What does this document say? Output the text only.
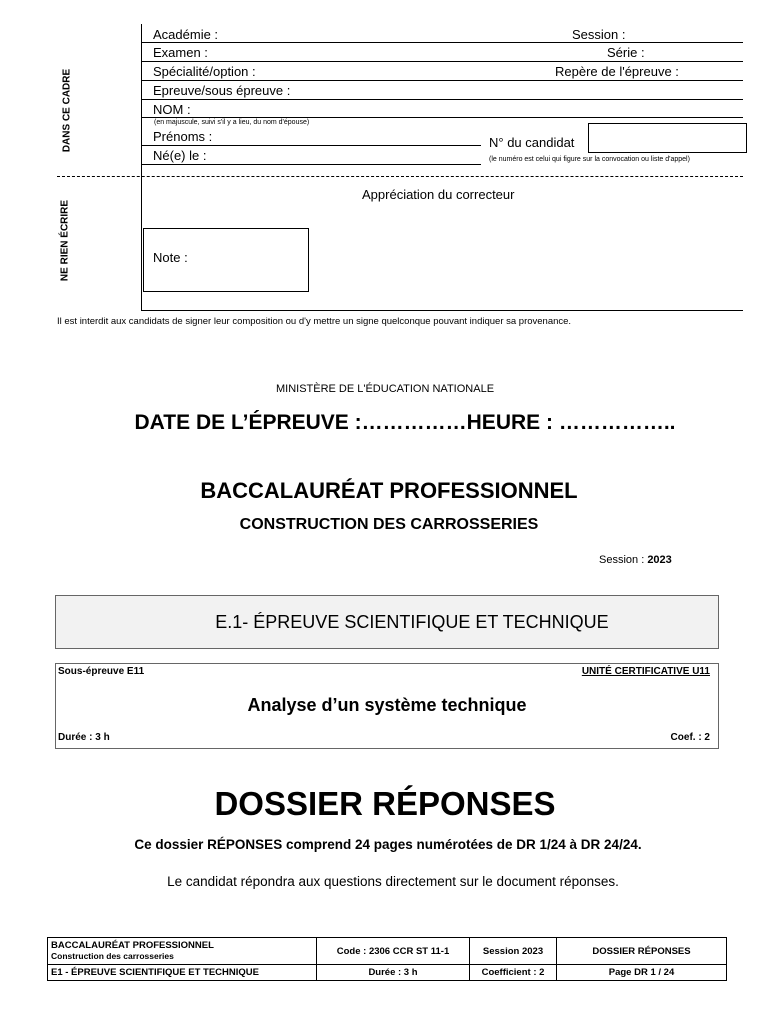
DANS CE CADRE
NE RIEN ÉCRIRE
Académie :	Session :
Examen :	Série :
Spécialité/option :	Repère de l'épreuve :
Epreuve/sous épreuve :
NOM :
(en majuscule, suivi s'il y a lieu, du nom d'épouse)
Prénoms :
Né(e) le :
N° du candidat
(le numéro est celui qui figure sur la convocation ou liste d'appel)
Appréciation du correcteur
Note :
Il est interdit aux candidats de signer leur composition ou d'y mettre un signe quelconque pouvant indiquer sa provenance.
MINISTÈRE DE L'ÉDUCATION NATIONALE
DATE DE L’ÉPREUVE :……………HEURE : ……………..
BACCALAURÉAT PROFESSIONNEL
CONSTRUCTION DES CARROSSERIES
Session : 2023
E.1- ÉPREUVE SCIENTIFIQUE ET TECHNIQUE
Sous-épreuve E11	UNITÉ CERTIFICATIVE U11
Analyse d’un système technique
Durée : 3 h	Coef. : 2
DOSSIER RÉPONSES
Ce dossier RÉPONSES comprend 24 pages numérotées de DR 1/24 à DR 24/24.
Le candidat répondra aux questions directement sur le document réponses.
BACCALAURÉAT PROFESSIONNEL
Construction des carrosseries	Code : 2306 CCR ST 11-1	Session 2023	DOSSIER RÉPONSES
E1 - ÉPREUVE SCIENTIFIQUE ET TECHNIQUE	Durée : 3 h	Coefficient : 2	Page DR 1 / 24
